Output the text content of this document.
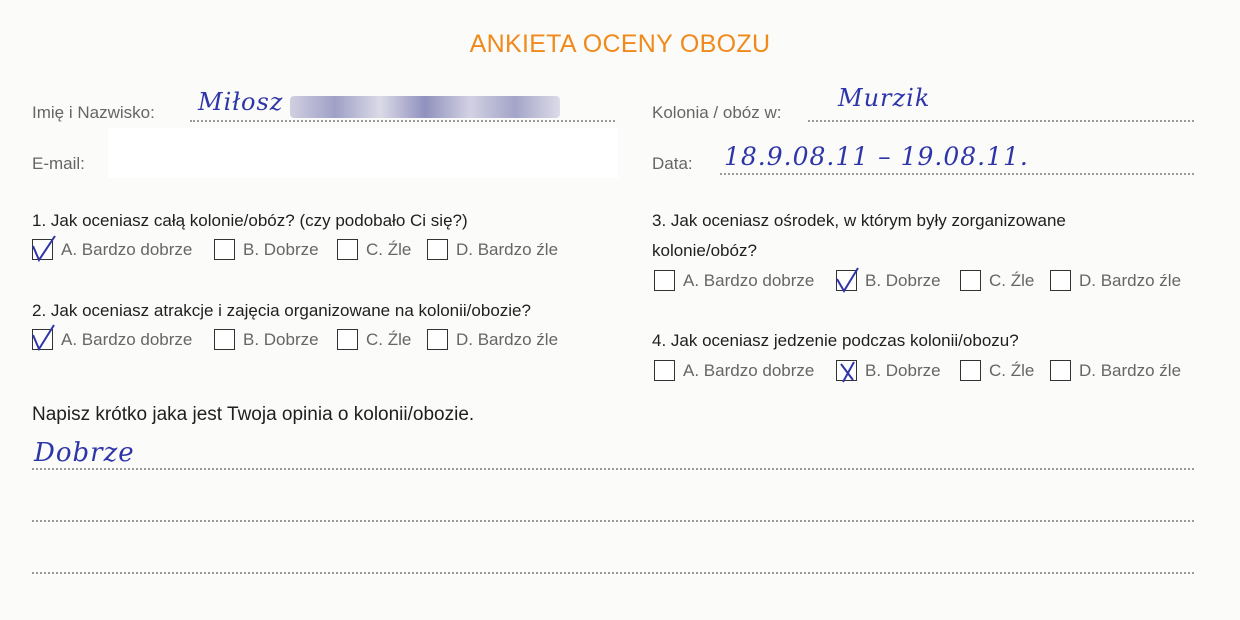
ANKIETA OCENY OBOZU
Imię i Nazwisko: Miłosz
E-mail:
Kolonia / obóz w:
Murzik
Data: 18.9.08.11 – 19.08.11.
1. Jak oceniasz całą kolonie/obóz? (czy podobało Ci się?)
A. Bardzo dobrze	B. Dobrze	C. Źle	D. Bardzo źle
2. Jak oceniasz atrakcje i zajęcia organizowane na kolonii/obozie?
A. Bardzo dobrze	B. Dobrze	C. Źle	D. Bardzo źle
3. Jak oceniasz ośrodek, w którym były zorganizowane
kolonie/obóz?
A. Bardzo dobrze	B. Dobrze	C. Źle	D. Bardzo źle
4. Jak oceniasz jedzenie podczas kolonii/obozu?
A. Bardzo dobrze	B. Dobrze	C. Źle	D. Bardzo źle
Napisz krótko jaka jest Twoja opinia o kolonii/obozie.
Dobrze
